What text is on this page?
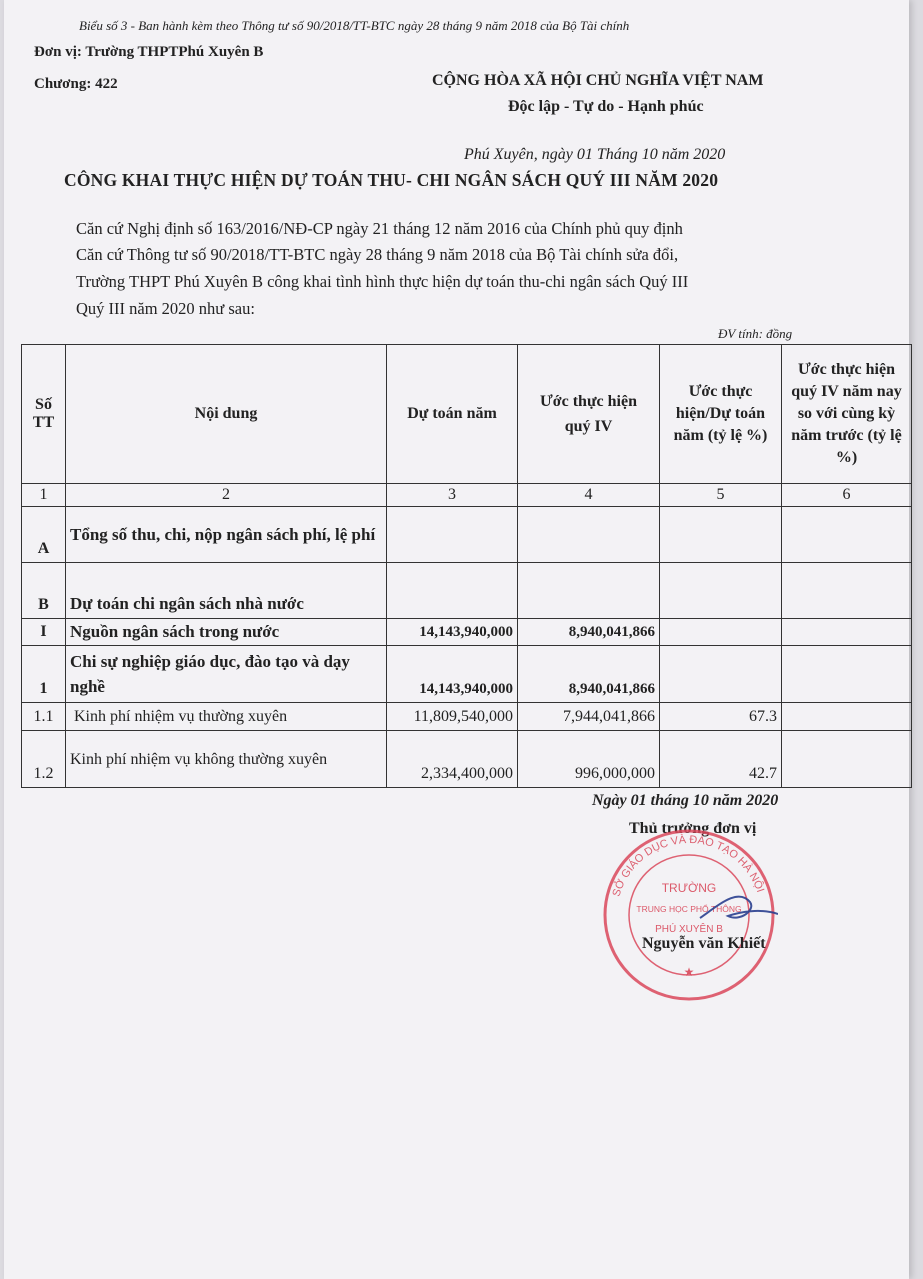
Biểu số 3 - Ban hành kèm theo Thông tư số 90/2018/TT-BTC ngày 28 tháng 9 năm 2018 của Bộ Tài chính
Đơn vị: Trường THPTPhú Xuyên B
Chương: 422	CỘNG HÒA XÃ HỘI CHỦ NGHĨA VIỆT NAM
Độc lập - Tự do - Hạnh phúc
Phú Xuyên, ngày 01 Tháng 10 năm 2020
CÔNG KHAI THỰC HIỆN DỰ TOÁN THU- CHI NGÂN SÁCH QUÝ III NĂM 2020
Căn cứ Nghị định số 163/2016/NĐ-CP ngày 21 tháng 12 năm 2016 của Chính phủ quy định
Căn cứ Thông tư số 90/2018/TT-BTC ngày 28 tháng 9 năm 2018 của Bộ Tài chính sửa đổi,
Trường THPT Phú Xuyên B công khai tình hình thực hiện dự toán thu-chi ngân sách Quý III
Quý III năm 2020 như sau:
ĐV tính: đồng
Số TT	Nội dung	Dự toán năm	Ước thực hiện quý IV	Ước thực hiện/Dự toán năm (tỷ lệ %)	Ước thực hiện quý IV năm nay so với cùng kỳ năm trước (tỷ lệ %)
1	2	3	4	5	6
A	Tổng số thu, chi, nộp ngân sách phí, lệ phí				
B	Dự toán chi ngân sách nhà nước				
I	Nguồn ngân sách trong nước	14,143,940,000	8,940,041,866		
1	Chi sự nghiệp giáo dục, đào tạo và dạy nghề	14,143,940,000	8,940,041,866		
1.1	Kinh phí nhiệm vụ thường xuyên	11,809,540,000	7,944,041,866	67.3	
1.2	Kinh phí nhiệm vụ không thường xuyên	2,334,400,000	996,000,000	42.7	
Ngày 01 tháng 10 năm 2020
Thủ trưởng đơn vị
SỞ GIÁO DỤC VÀ ĐÀO TẠO HÀ NỘI
TRƯỜNG
TRUNG HỌC PHỔ THÔNG
PHÚ XUYÊN B
★
Nguyễn văn Khiết
